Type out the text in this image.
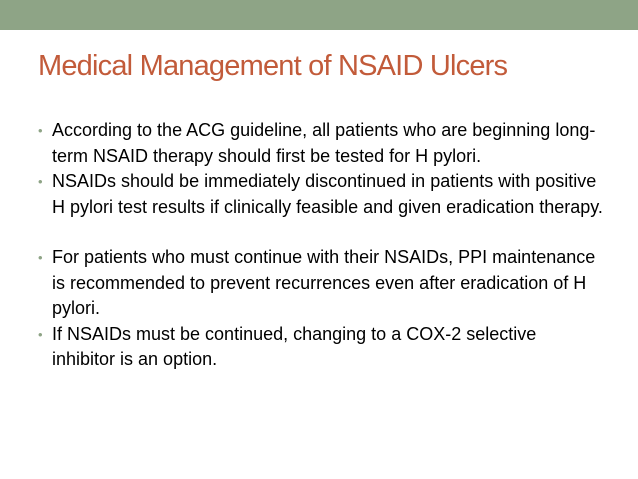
Medical Management of NSAID Ulcers
• According to the ACG guideline, all patients who are beginning long-term NSAID therapy should first be tested for H pylori.
• NSAIDs should be immediately discontinued in patients with positive H pylori test results if clinically feasible and given eradication therapy.
• For patients who must continue with their NSAIDs, PPI maintenance is recommended to prevent recurrences even after eradication of H pylori.
• If NSAIDs must be continued, changing to a COX-2 selective inhibitor is an option.
